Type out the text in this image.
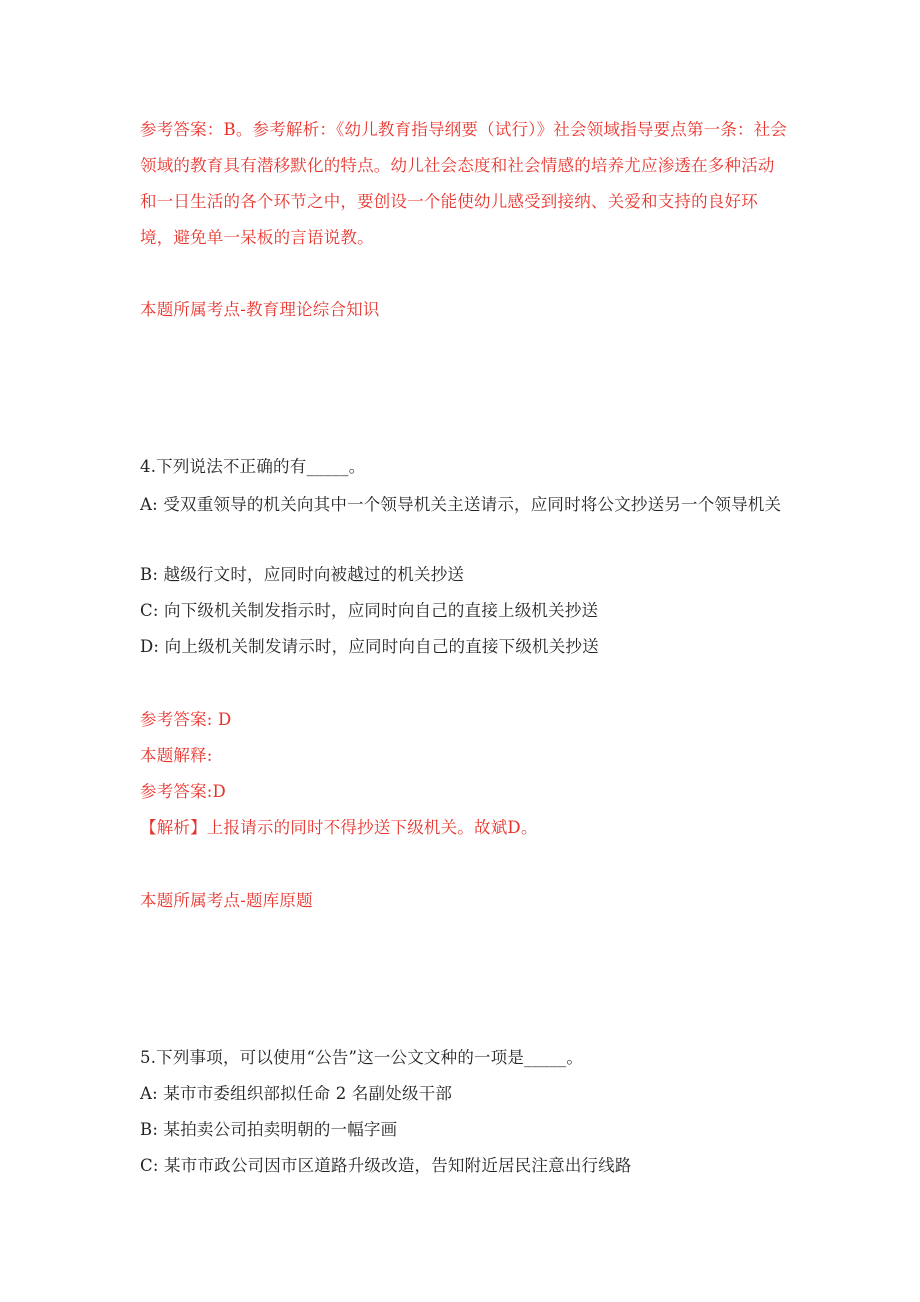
参考答案：B。参考解析：《幼儿教育指导纲要（试行）》社会领域指导要点第一条：社会领域的教育具有潜移默化的特点。幼儿社会态度和社会情感的培养尤应渗透在多种活动和一日生活的各个环节之中，要创设一个能使幼儿感受到接纳、关爱和支持的良好环境，避免单一呆板的言语说教。

本题所属考点-教育理论综合知识

4.下列说法不正确的有_____。

A: 受双重领导的机关向其中一个领导机关主送请示，应同时将公文抄送另一个领导机关

B: 越级行文时，应同时向被越过的机关抄送

C: 向下级机关制发指示时，应同时向自己的直接上级机关抄送

D: 向上级机关制发请示时，应同时向自己的直接下级机关抄送

参考答案: D

本题解释:

参考答案:D

【解析】上报请示的同时不得抄送下级机关。故斌D。

本题所属考点-题库原题

5.下列事项，可以使用“公告”这一公文文种的一项是_____。

A: 某市市委组织部拟任命 2 名副处级干部

B: 某拍卖公司拍卖明朝的一幅字画

C: 某市市政公司因市区道路升级改造，告知附近居民注意出行线路
